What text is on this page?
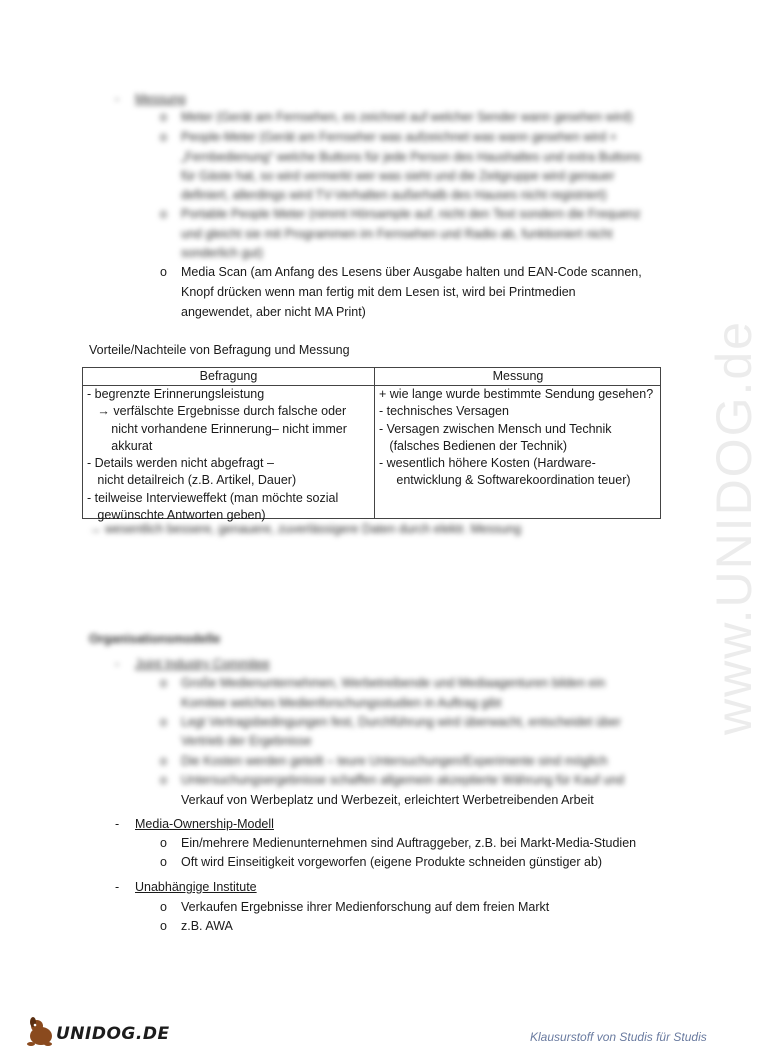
www.UNIDOG.de
- Messung
o Meter (Gerät am Fernsehen, es zeichnet auf welcher Sender wann gesehen wird)
o People-Meter (Gerät am Fernseher was aufzeichnet was wann gesehen wird +
„Fernbedienung“ welche Buttons für jede Person des Haushaltes und extra Buttons
für Gäste hat, so wird vermerkt wer was sieht und die Zeitgruppe wird genauer
definiert, allerdings wird TV-Verhalten außerhalb des Hauses nicht registriert)
o Portable People Meter (nimmt Hörsample auf, nicht den Text sondern die Frequenz
und gleicht sie mit Programmen im Fernsehen und Radio ab, funktioniert nicht
sonderlich gut)
o Media Scan (am Anfang des Lesens über Ausgabe halten und EAN-Code scannen,
Knopf drücken wenn man fertig mit dem Lesen ist, wird bei Printmedien
angewendet, aber nicht MA Print)
Vorteile/Nachteile von Befragung und Messung
Befragung	Messung
- begrenzte Erinnerungsleistung
→ verfälschte Ergebnisse durch falsche oder
nicht vorhandene Erinnerung– nicht immer
akkurat
- Details werden nicht abgefragt –
nicht detailreich (z.B. Artikel, Dauer)
- teilweise Interviewеffekt (man möchte sozial
gewünschte Antworten geben)
+ wie lange wurde bestimmte Sendung gesehen?
- technisches Versagen
- Versagen zwischen Mensch und Technik
(falsches Bedienen der Technik)
- wesentlich höhere Kosten (Hardware-
entwicklung & Softwarekoordination teuer)
→ wesentlich bessere, genauere, zuverlässigere Daten durch elektr. Messung
Organisationsmodelle
- Joint Industry Commitee
o Große Medienunternehmen, Werbetreibende und Mediaagenturen bilden ein
Komitee welches Medienforschungsstudien in Auftrag gibt
o Legt Vertragsbedingungen fest, Durchführung wird überwacht, entscheidet über
Vertrieb der Ergebnisse
o Die Kosten werden geteilt – teure Untersuchungen/Experimente sind möglich
o Untersuchungsergebnisse schaffen allgemein akzeptierte Währung für Kauf und
Verkauf von Werbeplatz und Werbezeit, erleichtert Werbetreibenden Arbeit
- Media-Ownership-Modell
o Ein/mehrere Medienunternehmen sind Auftraggeber, z.B. bei Markt-Media-Studien
o Oft wird Einseitigkeit vorgeworfen (eigene Produkte schneiden günstiger ab)
- Unabhängige Institute
o Verkaufen Ergebnisse ihrer Medienforschung auf dem freien Markt
o z.B. AWA
UNIDOG.DE	Klausurstoff von Studis für Studis
